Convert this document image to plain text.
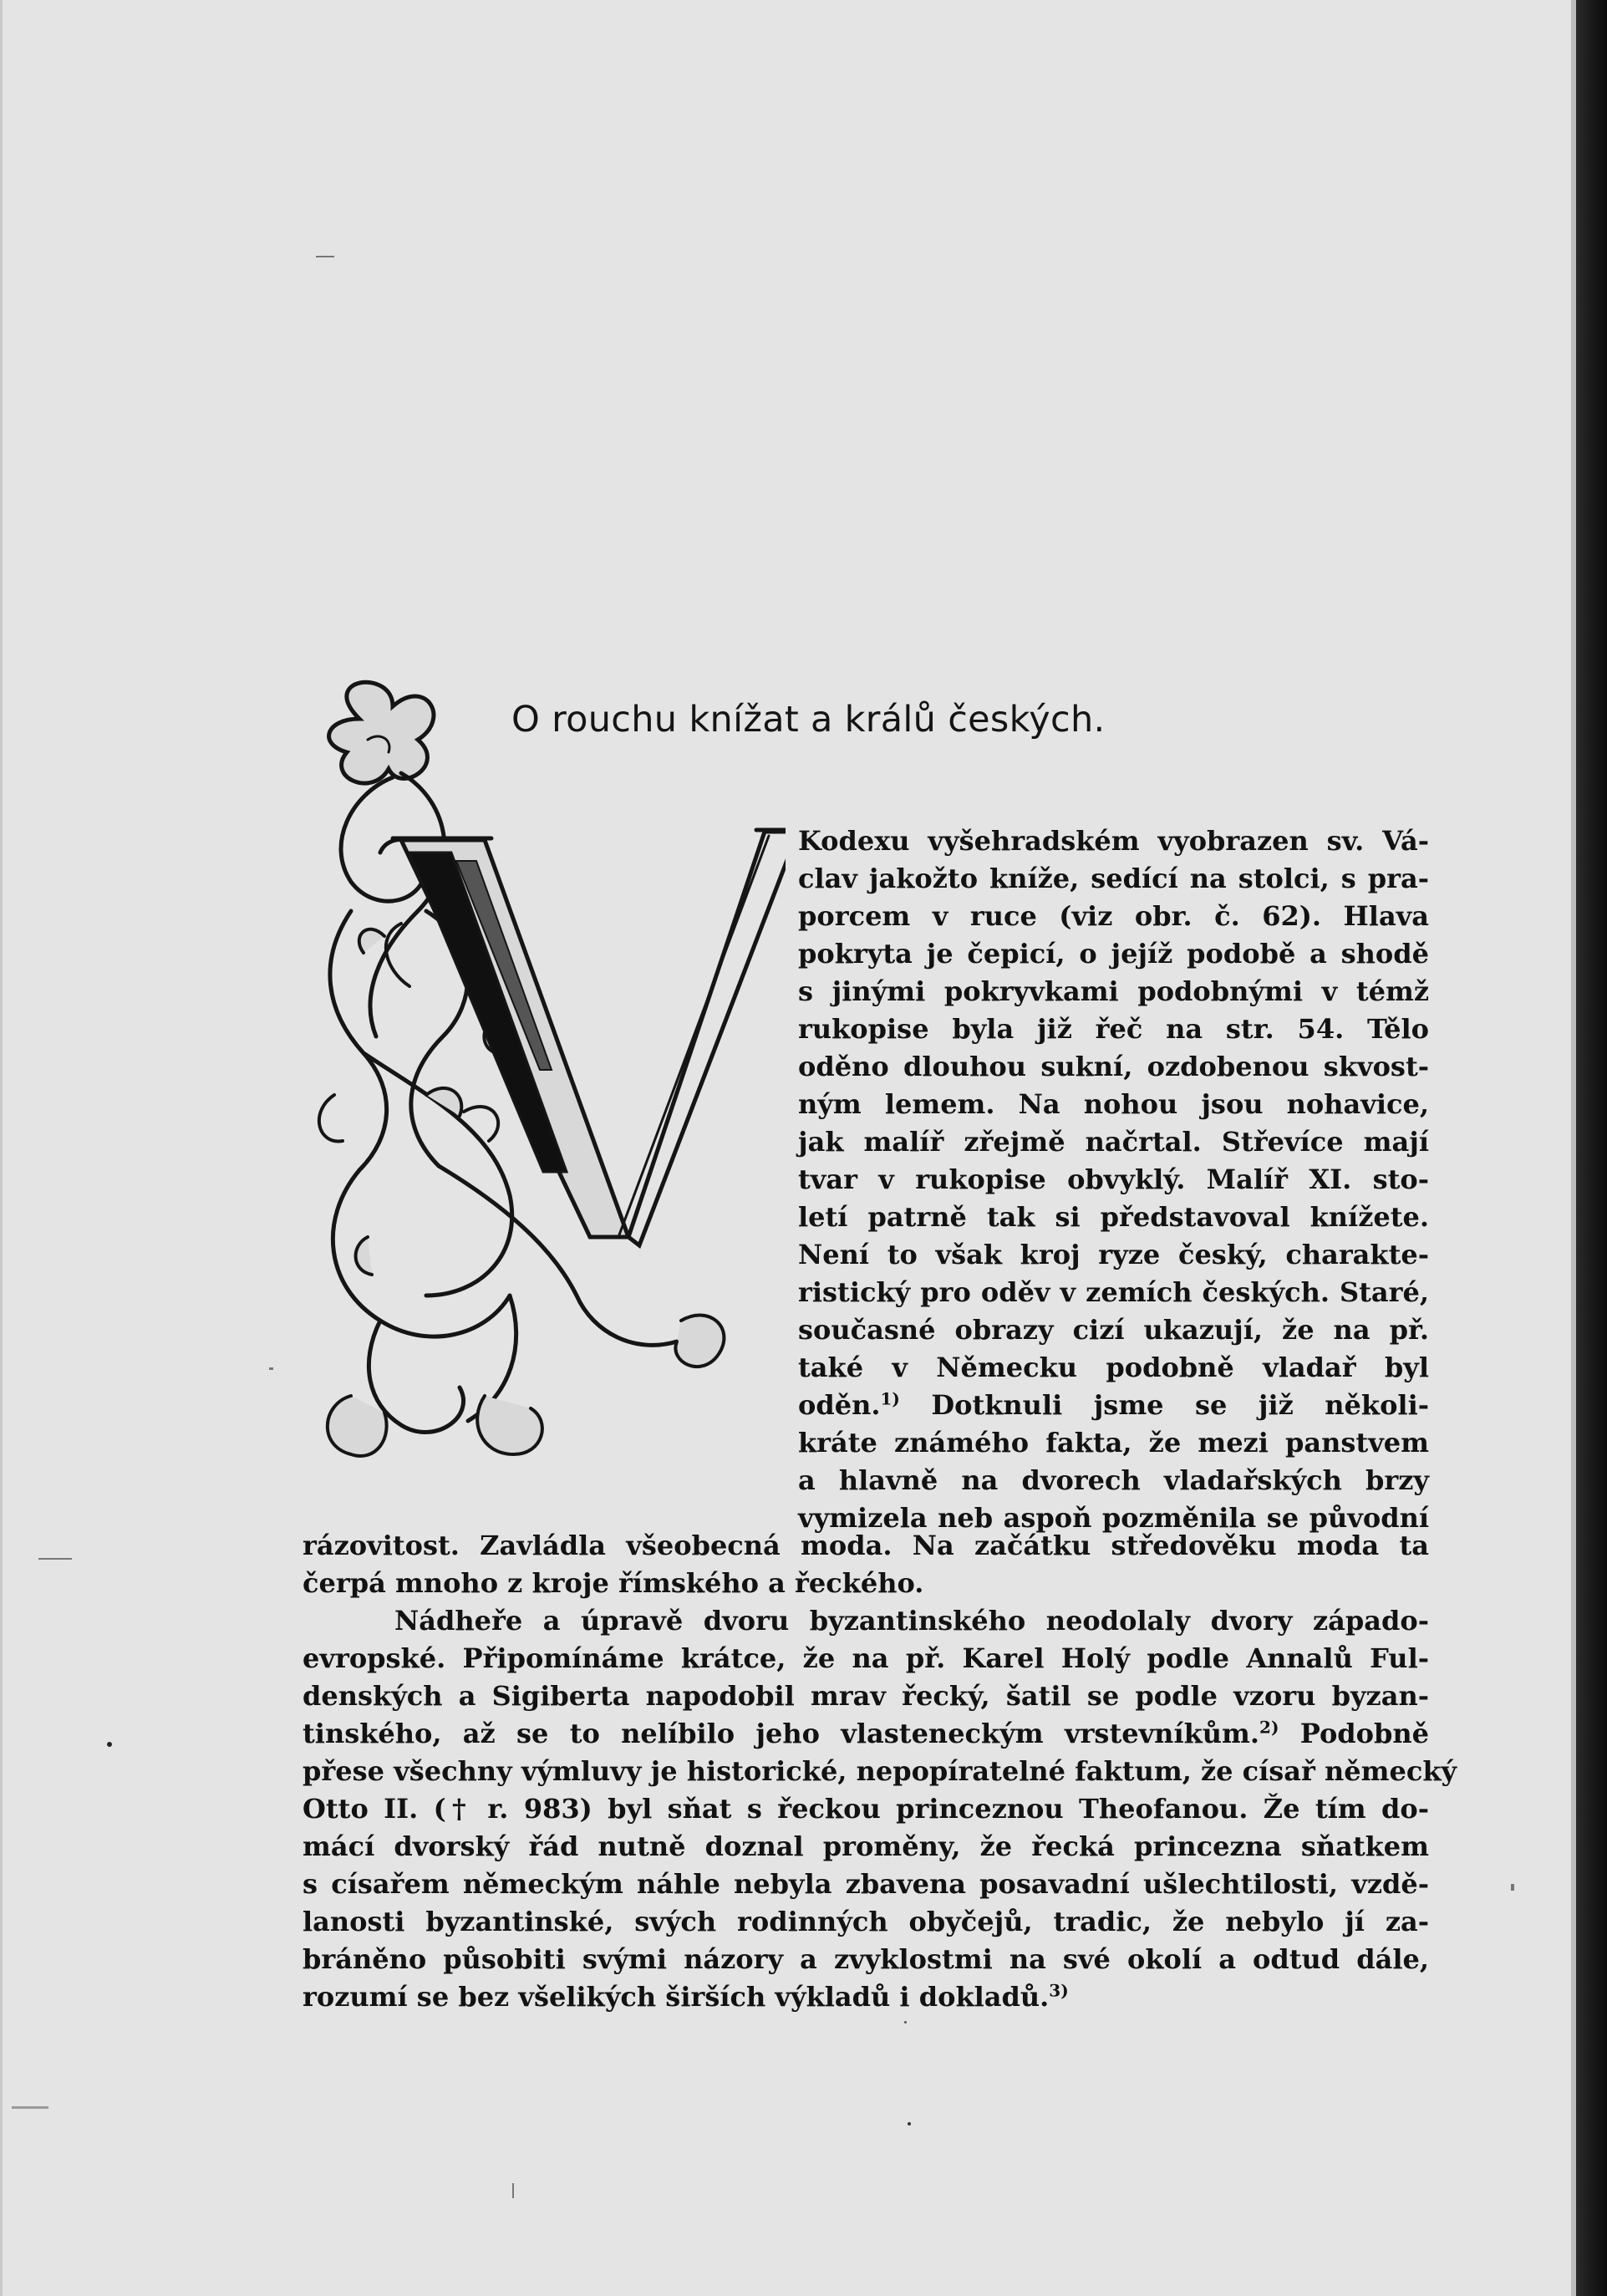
O rouchu knížat a králů českých.
Kodexu vyšehradském vyobrazen sv. Vá-
clav jakožto kníže, sedící na stolci, s pra-
porcem v ruce (viz obr. č. 62). Hlava
pokryta je čepicí, o jejíž podobě a shodě
s jinými pokryvkami podobnými v témž
rukopise byla již řeč na str. 54. Tělo
oděno dlouhou sukní, ozdobenou skvost-
ným lemem. Na nohou jsou nohavice,
jak malíř zřejmě načrtal. Střevíce mají
tvar v rukopise obvyklý. Malíř XI. sto-
letí patrně tak si představoval knížete.
Není to však kroj ryze český, charakte-
ristický pro oděv v zemích českých. Staré,
současné obrazy cizí ukazují, že na př.
také v Německu podobně vladař byl
oděn.$^{1)}$ Dotknuli jsme se již několi-
kráte známého fakta, že mezi panstvem
a hlavně na dvorech vladařských brzy
vymizela neb aspoň pozměnila se původní
rázovitost. Zavládla všeobecná moda. Na začátku středověku moda ta
čerpá mnoho z kroje římského a řeckého.
Nádheře a úpravě dvoru byzantinského neodolaly dvory západo-
evropské. Připomínáme krátce, že na př. Karel Holý podle Annalů Ful-
denských a Sigiberta napodobil mrav řecký, šatil se podle vzoru byzan-
tinského, až se to nelíbilo jeho vlasteneckým vrstevníkům.$^{2)}$ Podobně
přese všechny výmluvy je historické, nepopíratelné faktum, že císař německý
Otto II. († r. 983) byl sňat s řeckou princeznou Theofanou. Že tím do-
mácí dvorský řád nutně doznal proměny, že řecká princezna sňatkem
s císařem německým náhle nebyla zbavena posavadní ušlechtilosti, vzdě-
lanosti byzantinské, svých rodinných obyčejů, tradic, že nebylo jí za-
bráněno působiti svými názory a zvyklostmi na své okolí a odtud dále,
rozumí se bez všelikých širších výkladů i dokladů.$^{3)}$
